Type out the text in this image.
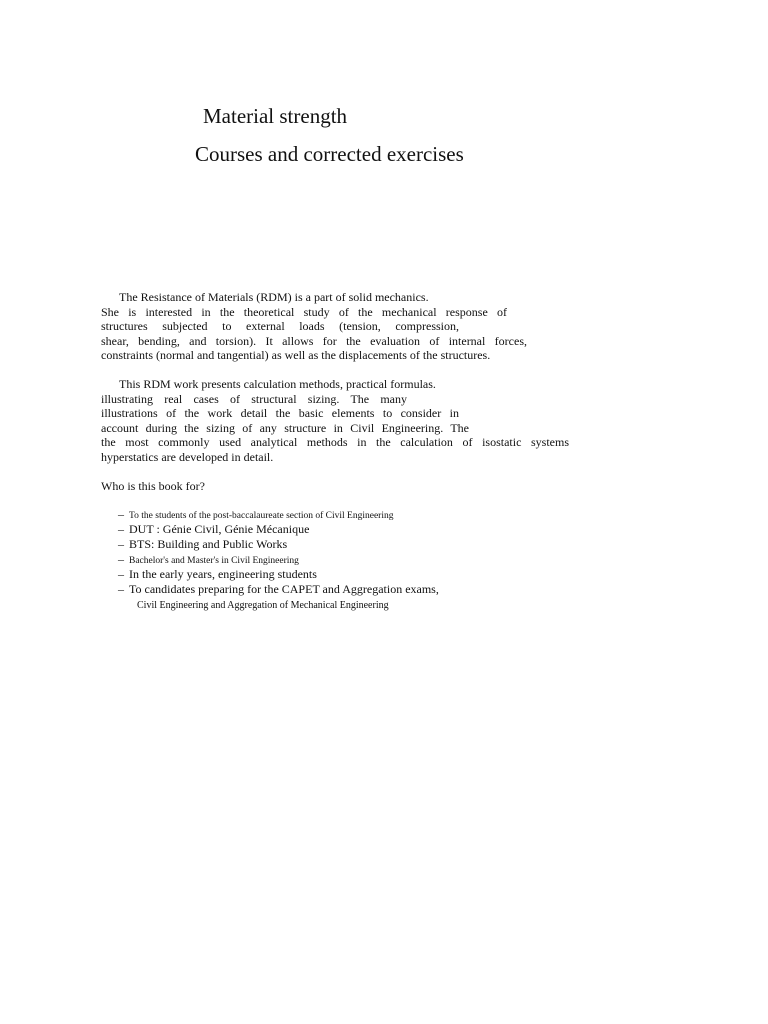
Material strength
Courses and corrected exercises
The Resistance of Materials (RDM) is a part of solid mechanics.
She is interested in the theoretical study of the mechanical response of
structures subjected to external loads (tension, compression,
shear, bending, and torsion). It allows for the evaluation of internal forces,
constraints (normal and tangential) as well as the displacements of the structures.
This RDM work presents calculation methods, practical formulas.
illustrating real cases of structural sizing. The many
illustrations of the work detail the basic elements to consider in
account during the sizing of any structure in Civil Engineering. The
the most commonly used analytical methods in the calculation of isostatic systems
hyperstatics are developed in detail.
Who is this book for?
– To the students of the post-baccalaureate section of Civil Engineering
– DUT : Génie Civil, Génie Mécanique
– BTS: Building and Public Works
– Bachelor's and Master's in Civil Engineering
– In the early years, engineering students
– To candidates preparing for the CAPET and Aggregation exams,
Civil Engineering and Aggregation of Mechanical Engineering
